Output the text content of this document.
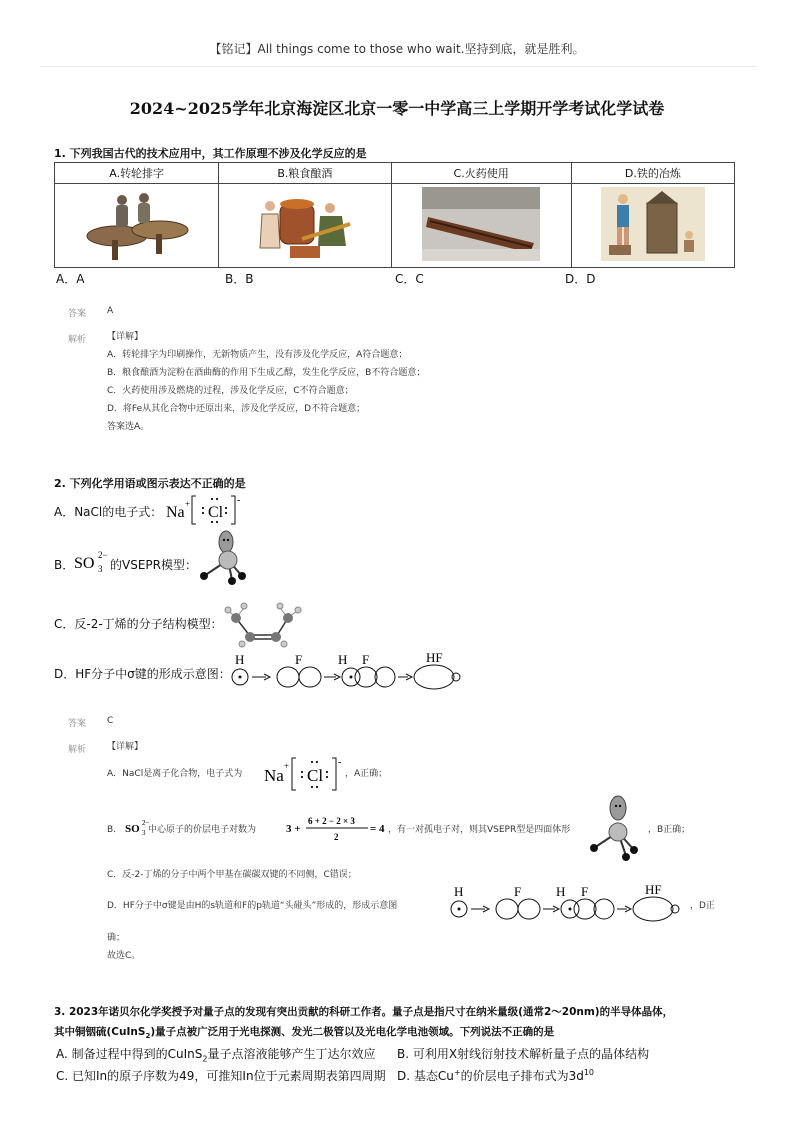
【铭记】All things come to those who wait.坚持到底，就是胜利。
2024~2025学年北京海淀区北京一零一中学高三上学期开学考试化学试卷
1. 下列我国古代的技术应用中，其工作原理不涉及化学反应的是
A.转轮排字	B.粮食酿酒	C.火药使用	D.铁的冶炼

A．A	B．B	C．C	D．D
答案 A
解析 【详解】
A．转轮排字为印刷操作，无新物质产生，没有涉及化学反应，A符合题意；
B．粮食酿酒为淀粉在酒曲酶的作用下生成乙醇，发生化学反应，B不符合题意；
C．火药使用涉及燃烧的过程，涉及化学反应，C不符合题意；
D．将Fe从其化合物中还原出来，涉及化学反应，D不符合题意；
答案选A。
2. 下列化学用语或图示表达不正确的是
A．NaCl的电子式： Na + Cl
-
B． SO 3
2−
的VSEPR模型：
C．反-2-丁烯的分子结构模型：
D．HF分子中σ键的形成示意图：
H	F	H F	HF
答案 C
解析 【详解】
A．NaCl是离子化合物，电子式为 Na + Cl
-
，A正确；
B． SO 3
2−
中心原子的价层电子对数为	3 +
6 + 2 − 2 × 3
2
= 4 ，有一对孤电子对，则其VSEPR型是四面体形	，B正确；
C．反-2-丁烯的分子中两个甲基在碳碳双键的不同侧，C错误；
D．HF分子中σ键是由H的s轨道和F的p轨道“头碰头”形成的，形成示意图
H	F	H F	HF
，D正
确；
故选C。
3. 2023年诺贝尔化学奖授予对量子点的发现有突出贡献的科研工作者。量子点是指尺寸在纳米量级(通常2～20nm)的半导体晶体，
其中铜铟硫(CuInS$_2$)量子点被广泛用于光电探测、发光二极管以及光电化学电池领域。下列说法不正确的是
A. 制备过程中得到的CuInS$_2$量子点溶液能够产生丁达尔效应 B. 可利用X射线衍射技术解析量子点的晶体结构
C. 已知In的原子序数为49，可推知In位于元素周期表第四周期 D. 基态Cu+的价层电子排布式为$3d^{10}$
